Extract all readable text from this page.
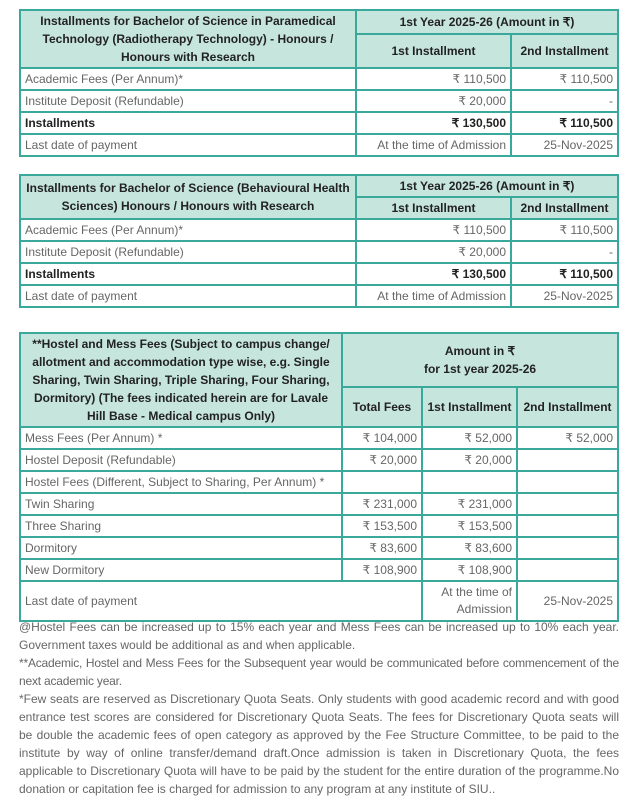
Installments for Bachelor of Science in Paramedical Technology (Radiotherapy Technology) - Honours / Honours with Research	1st Year 2025-26 (Amount in ₹)	
	1st Installment	2nd Installment
Academic Fees (Per Annum)*	₹ 110,500	₹ 110,500
Institute Deposit (Refundable)	₹ 20,000	-
Installments	₹ 130,500	₹ 110,500
Last date of payment	At the time of Admission	25-Nov-2025
Installments for Bachelor of Science (Behavioural Health Sciences) Honours / Honours with Research	1st Year 2025-26 (Amount in ₹)	
	1st Installment	2nd Installment
Academic Fees (Per Annum)*	₹ 110,500	₹ 110,500
Institute Deposit (Refundable)	₹ 20,000	-
Installments	₹ 130,500	₹ 110,500
Last date of payment	At the time of Admission	25-Nov-2025
**Hostel and Mess Fees (Subject to campus change/ allotment and accommodation type wise, e.g. Single Sharing, Twin Sharing, Triple Sharing, Four Sharing, Dormitory) (The fees indicated herein are for Lavale Hill Base - Medical campus Only)	Amount in ₹
for 1st year 2025-26		
	Total Fees	1st Installment	2nd Installment
Mess Fees (Per Annum) *	₹ 104,000	₹ 52,000	₹ 52,000
Hostel Deposit (Refundable)	₹ 20,000	₹ 20,000	
Hostel Fees (Different, Subject to Sharing, Per Annum) *			
Twin Sharing	₹ 231,000	₹ 231,000	
Three Sharing	₹ 153,500	₹ 153,500	
Dormitory	₹ 83,600	₹ 83,600	
New Dormitory	₹ 108,900	₹ 108,900	
Last date of payment		At the time of Admission	25-Nov-2025

@Hostel Fees can be increased up to 15% each year and Mess Fees can be increased up to 10% each year. Government taxes would be additional as and when applicable.

**Academic, Hostel and Mess Fees for the Subsequent year would be communicated before commencement of the next academic year.

*Few seats are reserved as Discretionary Quota Seats. Only students with good academic record and with good entrance test scores are considered for Discretionary Quota Seats. The fees for Discretionary Quota seats will be double the academic fees of open category as approved by the Fee Structure Committee, to be paid to the institute by way of online transfer/demand draft.Once admission is taken in Discretionary Quota, the fees applicable to Discretionary Quota will have to be paid by the student for the entire duration of the programme.No donation or capitation fee is charged for admission to any program at any institute of SIU..
